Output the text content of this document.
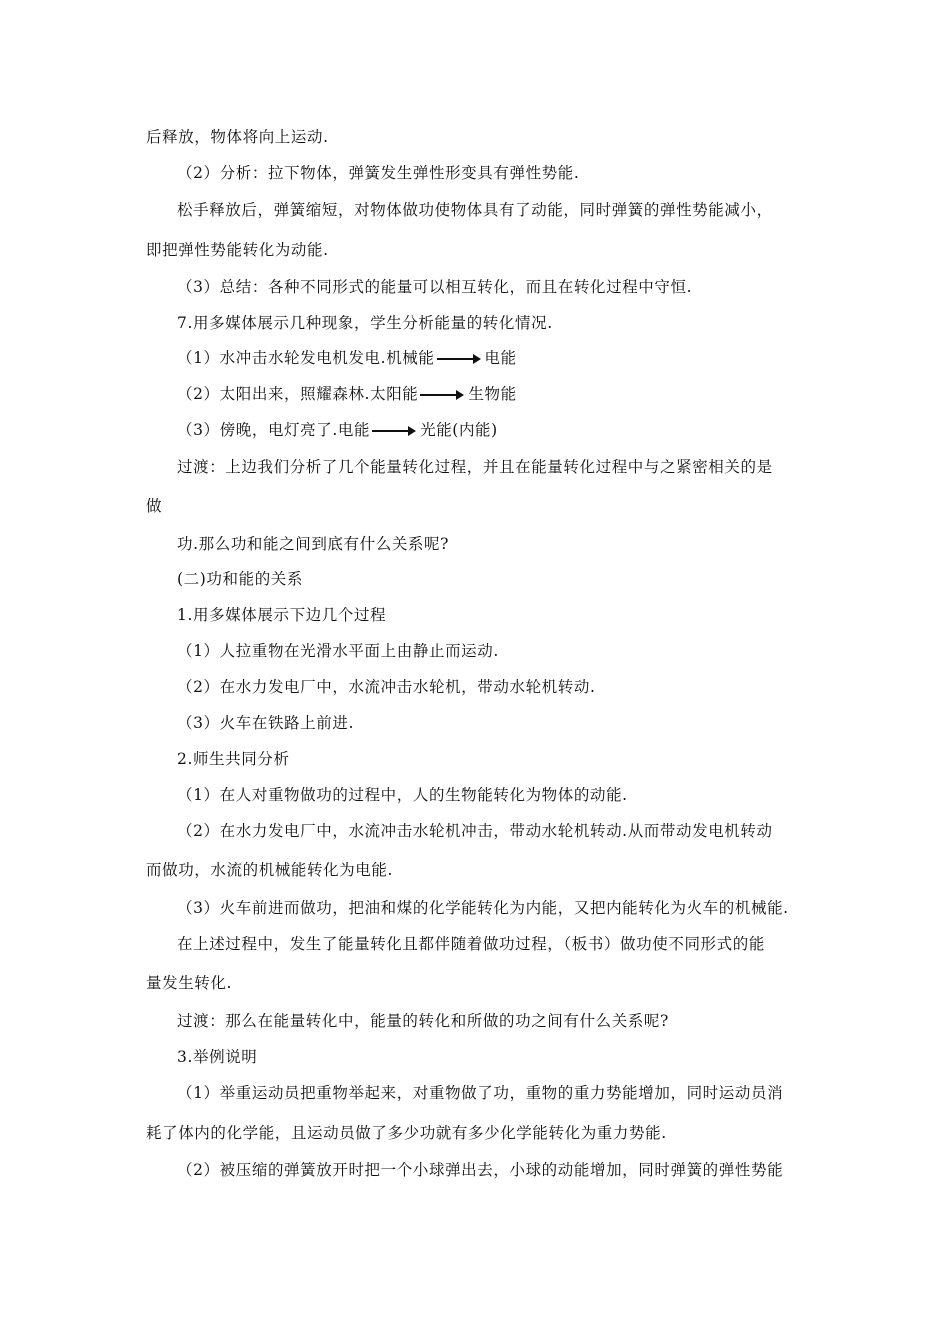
后释放，物体将向上运动.
（2）分析：拉下物体，弹簧发生弹性形变具有弹性势能.
松手释放后，弹簧缩短，对物体做功使物体具有了动能，同时弹簧的弹性势能减小，
即把弹性势能转化为动能.
（3）总结：各种不同形式的能量可以相互转化，而且在转化过程中守恒.
7.用多媒体展示几种现象，学生分析能量的转化情况.
（1）水冲击水轮发电机发电.机械能	电能
（2）太阳出来，照耀森林.太阳能	生物能
（3）傍晚，电灯亮了.电能	光能(内能)
过渡：上边我们分析了几个能量转化过程，并且在能量转化过程中与之紧密相关的是
做
功.那么功和能之间到底有什么关系呢?
(二)功和能的关系
1.用多媒体展示下边几个过程
（1）人拉重物在光滑水平面上由静止而运动.
（2）在水力发电厂中，水流冲击水轮机，带动水轮机转动.
（3）火车在铁路上前进.
2.师生共同分析
（1）在人对重物做功的过程中，人的生物能转化为物体的动能.
（2）在水力发电厂中，水流冲击水轮机冲击，带动水轮机转动.从而带动发电机转动
而做功，水流的机械能转化为电能.
（3）火车前进而做功，把油和煤的化学能转化为内能，又把内能转化为火车的机械能.
在上述过程中，发生了能量转化且都伴随着做功过程，（板书）做功使不同形式的能
量发生转化.
过渡：那么在能量转化中，能量的转化和所做的功之间有什么关系呢?
3.举例说明
（1）举重运动员把重物举起来，对重物做了功，重物的重力势能增加，同时运动员消
耗了体内的化学能，且运动员做了多少功就有多少化学能转化为重力势能.
（2）被压缩的弹簧放开时把一个小球弹出去，小球的动能增加，同时弹簧的弹性势能
